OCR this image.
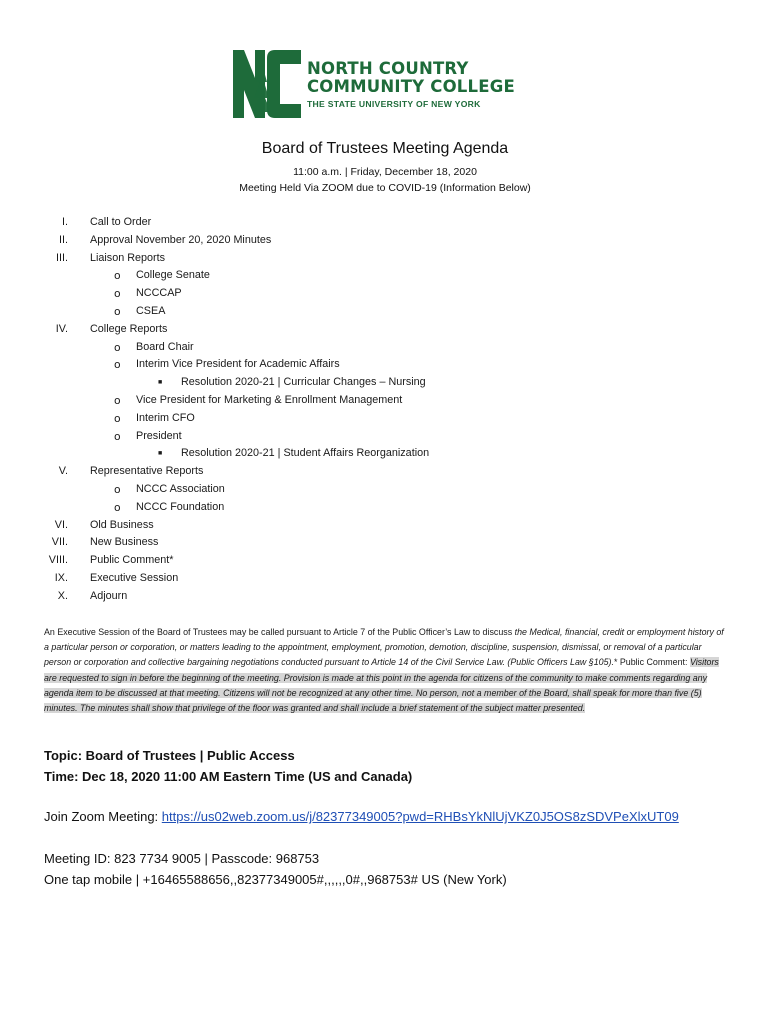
NORTH COUNTRY
COMMUNITY COLLEGE
THE STATE UNIVERSITY OF NEW YORK
Board of Trustees Meeting Agenda
11:00 a.m. | Friday, December 18, 2020
Meeting Held Via ZOOM due to COVID-19 (Information Below)
I. Call to Order
II. Approval November 20, 2020 Minutes
III. Liaison Reports
o College Senate
o NCCCAP
o CSEA
IV. College Reports
o Board Chair
o Interim Vice President for Academic Affairs
■ Resolution 2020-21 | Curricular Changes – Nursing
o Vice President for Marketing & Enrollment Management
o Interim CFO
o President
■ Resolution 2020-21 | Student Affairs Reorganization
V. Representative Reports
o NCCC Association
o NCCC Foundation
VI. Old Business
VII. New Business
VIII. Public Comment*
IX. Executive Session
X. Adjourn
An Executive Session of the Board of Trustees may be called pursuant to Article 7 of the Public Officer’s Law to discuss the Medical, financial, credit or employment history of a particular person or corporation, or matters leading to the appointment, employment, promotion, demotion, discipline, suspension, dismissal, or removal of a particular person or corporation and collective bargaining negotiations conducted pursuant to Article 14 of the Civil Service Law. (Public Officers Law §105).* Public Comment: Visitors are requested to sign in before the beginning of the meeting. Provision is made at this point in the agenda for citizens of the community to make comments regarding any agenda item to be discussed at that meeting. Citizens will not be recognized at any other time. No person, not a member of the Board, shall speak for more than five (5) minutes. The minutes shall show that privilege of the floor was granted and shall include a brief statement of the subject matter presented.
Topic: Board of Trustees | Public Access
Time: Dec 18, 2020 11:00 AM Eastern Time (US and Canada)
Join Zoom Meeting: https://us02web.zoom.us/j/82377349005?pwd=RHBsYkNlUjVKZ0J5OS8zSDVPeXlxUT09
Meeting ID: 823 7734 9005 | Passcode: 968753
One tap mobile | +16465588656,,82377349005#,,,,,,0#,,968753# US (New York)
